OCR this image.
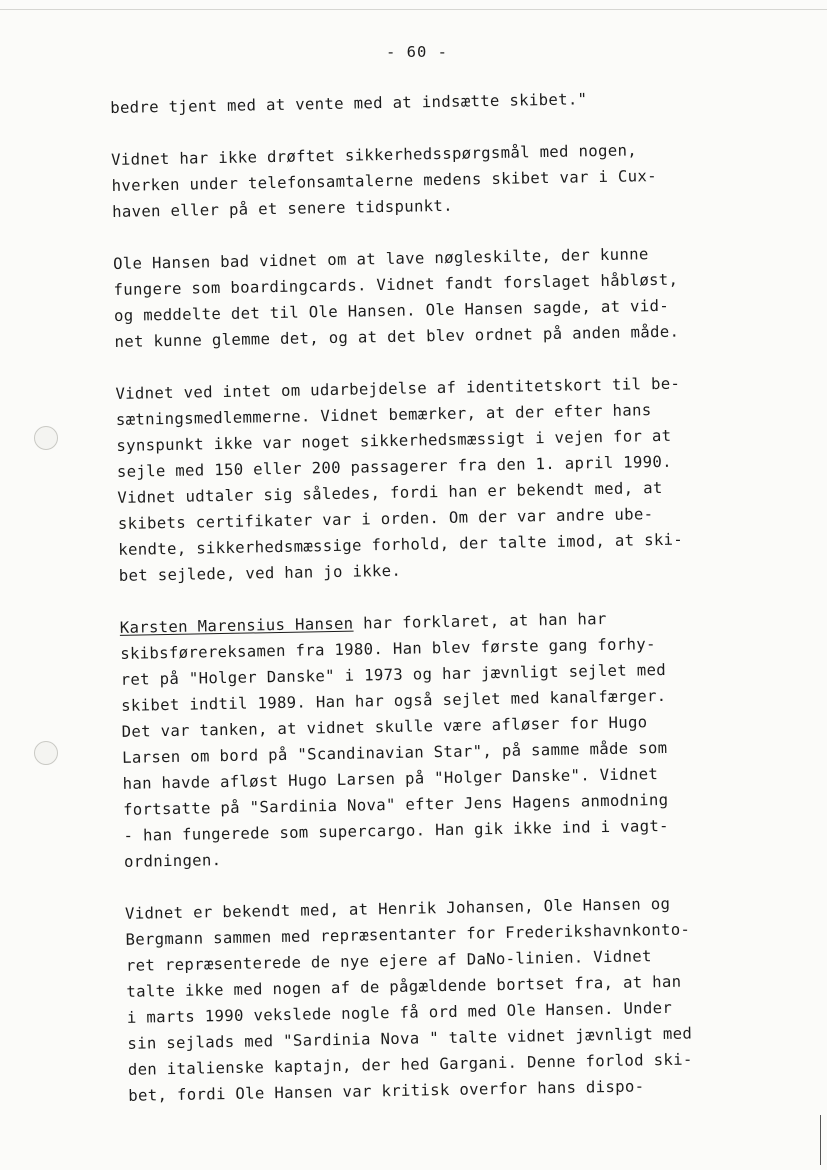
- 60 -
bedre tjent med at vente med at indsætte skibet."
Vidnet har ikke drøftet sikkerhedsspørgsmål med nogen,
hverken under telefonsamtalerne medens skibet var i Cux-
haven eller på et senere tidspunkt.
Ole Hansen bad vidnet om at lave nøgleskilte, der kunne
fungere som boardingcards. Vidnet fandt forslaget håbløst,
og meddelte det til Ole Hansen. Ole Hansen sagde, at vid-
net kunne glemme det, og at det blev ordnet på anden måde.
Vidnet ved intet om udarbejdelse af identitetskort til be-
sætningsmedlemmerne. Vidnet bemærker, at der efter hans
synspunkt ikke var noget sikkerhedsmæssigt i vejen for at
sejle med 150 eller 200 passagerer fra den 1. april 1990.
Vidnet udtaler sig således, fordi han er bekendt med, at
skibets certifikater var i orden. Om der var andre ube-
kendte, sikkerhedsmæssige forhold, der talte imod, at ski-
bet sejlede, ved han jo ikke.
Karsten Marensius Hansen har forklaret, at han har
skibsførereksamen fra 1980. Han blev første gang forhy-
ret på "Holger Danske" i 1973 og har jævnligt sejlet med
skibet indtil 1989. Han har også sejlet med kanalfærger.
Det var tanken, at vidnet skulle være afløser for Hugo
Larsen om bord på "Scandinavian Star", på samme måde som
han havde afløst Hugo Larsen på "Holger Danske". Vidnet
fortsatte på "Sardinia Nova" efter Jens Hagens anmodning
- han fungerede som supercargo. Han gik ikke ind i vagt-
ordningen.
Vidnet er bekendt med, at Henrik Johansen, Ole Hansen og
Bergmann sammen med repræsentanter for Frederikshavnkonto-
ret repræsenterede de nye ejere af DaNo-linien. Vidnet
talte ikke med nogen af de pågældende bortset fra, at han
i marts 1990 vekslede nogle få ord med Ole Hansen. Under
sin sejlads med "Sardinia Nova " talte vidnet jævnligt med
den italienske kaptajn, der hed Gargani. Denne forlod ski-
bet, fordi Ole Hansen var kritisk overfor hans dispo-
